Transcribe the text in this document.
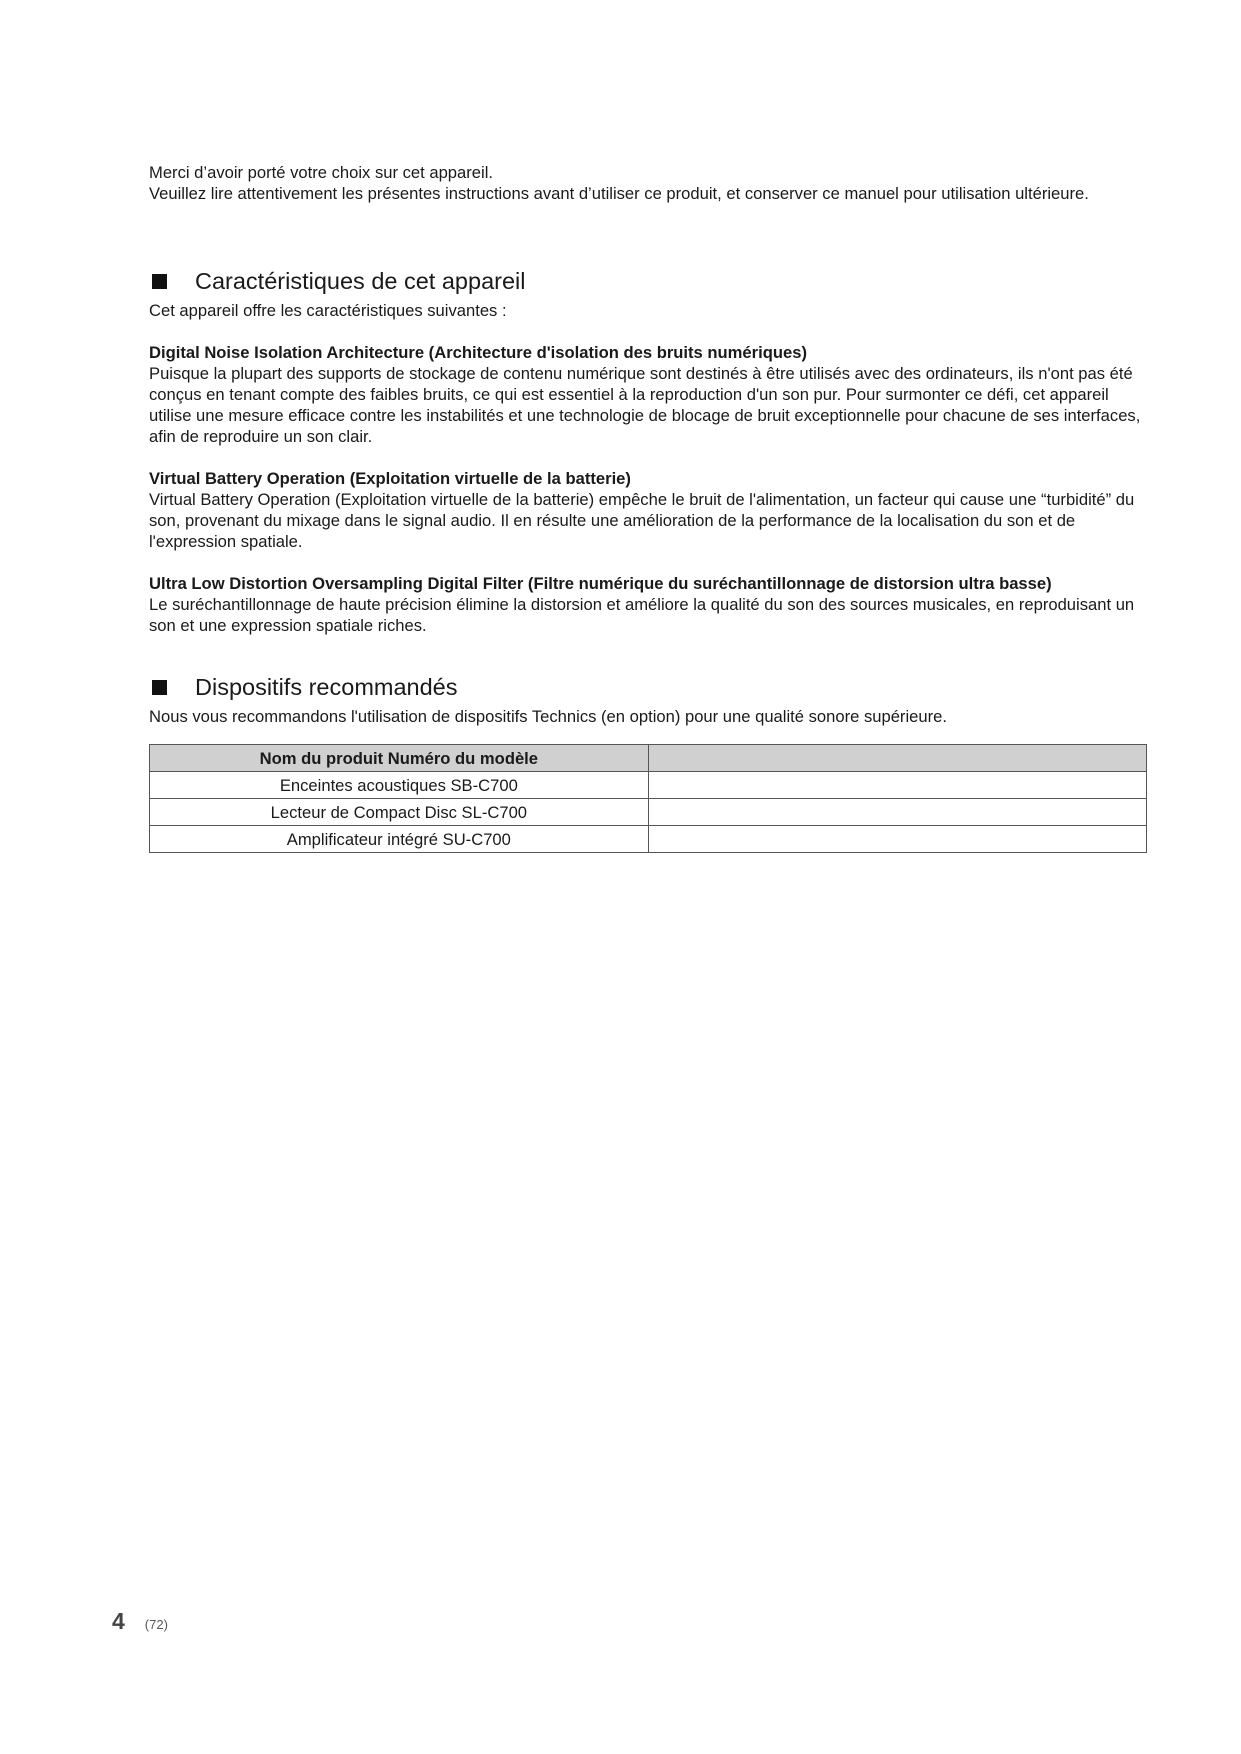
Merci d’avoir porté votre choix sur cet appareil.

Veuillez lire attentivement les présentes instructions avant d’utiliser ce produit, et conserver ce manuel pour utilisation ultérieure.

Caractéristiques de cet appareil

Cet appareil offre les caractéristiques suivantes :

Digital Noise Isolation Architecture (Architecture d'isolation des bruits numériques)

Puisque la plupart des supports de stockage de contenu numérique sont destinés à être utilisés avec des ordinateurs, ils n'ont pas été conçus en tenant compte des faibles bruits, ce qui est essentiel à la reproduction d'un son pur. Pour surmonter ce défi, cet appareil utilise une mesure efficace contre les instabilités et une technologie de blocage de bruit exceptionnelle pour chacune de ses interfaces, afin de reproduire un son clair.

Virtual Battery Operation (Exploitation virtuelle de la batterie)

Virtual Battery Operation (Exploitation virtuelle de la batterie) empêche le bruit de l'alimentation, un facteur qui cause une “turbidité” du son, provenant du mixage dans le signal audio. Il en résulte une amélioration de la performance de la localisation du son et de l'expression spatiale.

Ultra Low Distortion Oversampling Digital Filter (Filtre numérique du suréchantillonnage de distorsion ultra basse)

Le suréchantillonnage de haute précision élimine la distorsion et améliore la qualité du son des sources musicales, en reproduisant un son et une expression spatiale riches.

Dispositifs recommandés

Nous vous recommandons l'utilisation de dispositifs Technics (en option) pour une qualité sonore supérieure.

Nom du produit Numéro du modèle	
Enceintes acoustiques SB-C700	
Lecteur de Compact Disc SL-C700	
Amplificateur intégré SU-C700	
4 (72)
